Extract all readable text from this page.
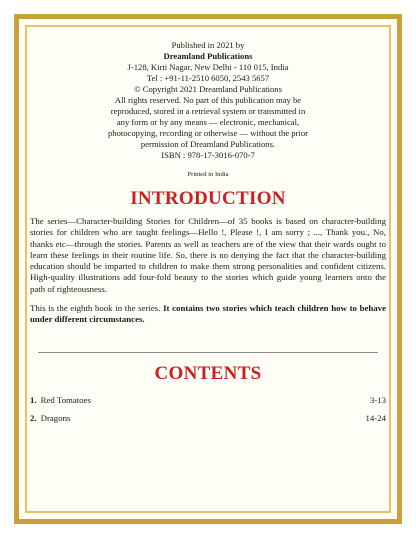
Published in 2021 by
Dreamland Publications
J-128, Kirti Nagar, New Delhi - 110 015, India
Tel : +91-11-2510 6050, 2543 5657
© Copyright 2021 Dreamland Publications
All rights reserved. No part of this publication may be
reproduced, stored in a retrieval system or transmitted in
any form or by any means — electronic, mechanical,
photocopying, recording or otherwise — without the prior
permission of Dreamland Publications.
ISBN : 978-17-3016-070-7
Printed in India
INTRODUCTION

The series—Character-building Stories for Children—of 35 books is based on character-building stories for children who are taught feelings—Hello !, Please !, I am sorry ; ..., Thank you., No, thanks etc—through the stories. Parents as well as teachers are of the view that their wards ought to learn these feelings in their routine life. So, there is no denying the fact that the character-building education should be imparted to children to make them strong personalities and confident citizens. High-quality illustrations add four-fold beauty to the stories which guide young learners onto the path of righteousness.

This is the eighth book in the series. It contains two stories which teach children how to behave under different circumstances.

CONTENTS
1. Red Tomatoes	3-13
2. Dragons	14-24
